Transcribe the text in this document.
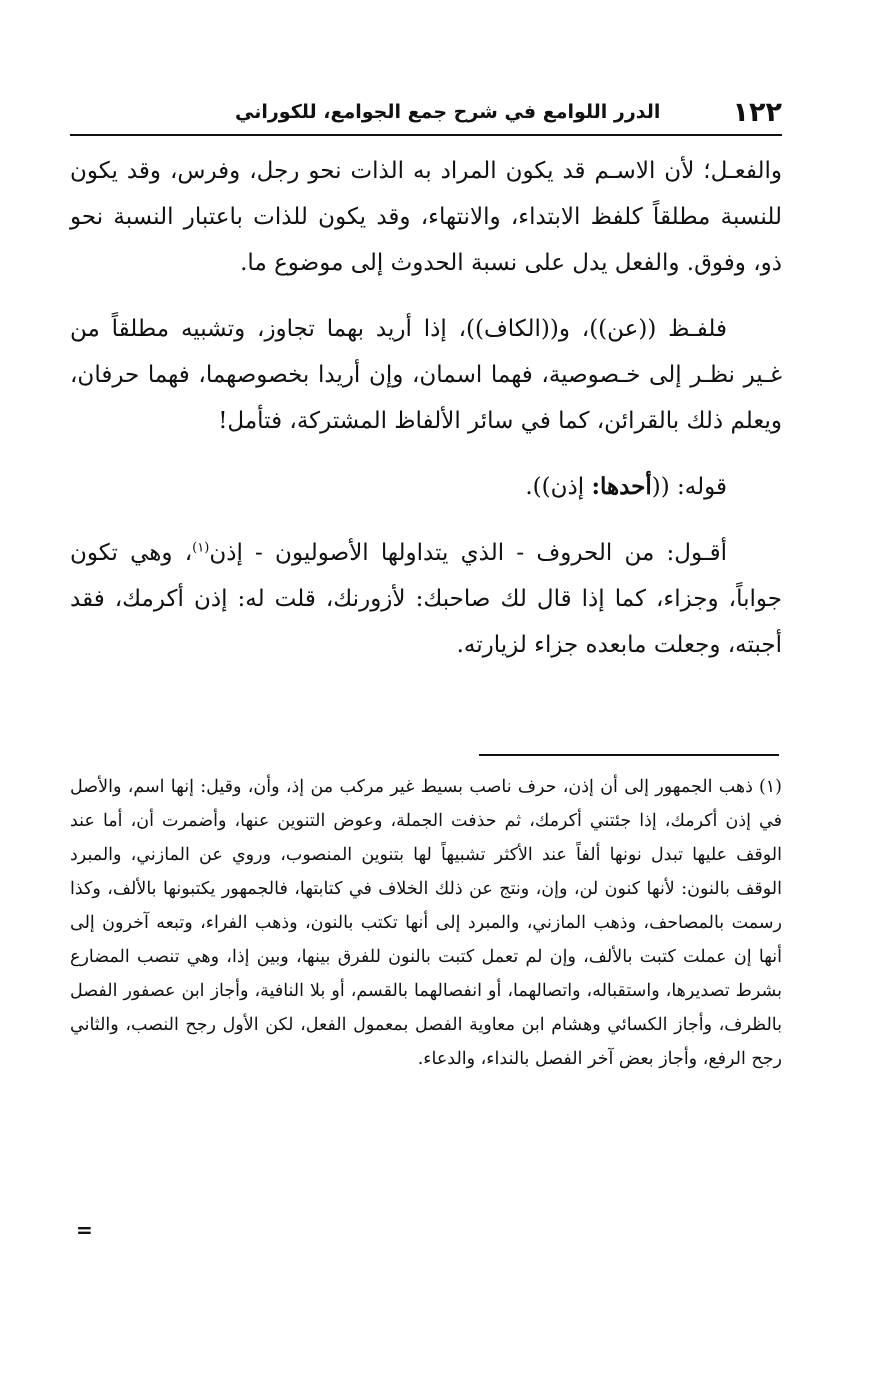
١٢٢
الدرر اللوامع في شرح جمع الجوامع، للكوراني

والفعـل؛ لأن الاسـم قد يكون المراد به الذات نحو رجل، وفرس، وقد يكون للنسبة مطلقاً كلفظ الابتداء، والانتهاء، وقد يكون للذات باعتبار النسبة نحو ذو، وفوق. والفعل يدل على نسبة الحدوث إلى موضوع ما.

فلفـظ ((عن))، و((الكاف))، إذا أريد بهما تجاوز، وتشبيه مطلقاً من غـير نظـر إلى خـصوصية، فهما اسمان، وإن أريدا بخصوصهما، فهما حرفان، ويعلم ذلك بالقرائن، كما في سائر الألفاظ المشتركة، فتأمل!

قوله: ((أحدها: إذن)).

أقـول: من الحروف - الذي يتداولها الأصوليون - إذن$^{(١)}$، وهي تكون جواباً، وجزاء، كما إذا قال لك صاحبك: لأزورنك، قلت له: إذن أكرمك، فقد أجبته، وجعلت مابعده جزاء لزيارته.

(١)ذهب الجمهور إلى أن إذن، حرف ناصب بسيط غير مركب من إذ، وأن، وقيل: إنها اسم، والأصل في إذن أكرمك، إذا جئتني أكرمك، ثم حذفت الجملة، وعوض التنوين عنها، وأضمرت أن، أما عند الوقف عليها تبدل نونها ألفاً عند الأكثر تشبيهاً لها بتنوين المنصوب، وروي عن المازني، والمبرد الوقف بالنون: لأنها كنون لن، وإن، ونتج عن ذلك الخلاف في كتابتها، فالجمهور يكتبونها بالألف، وكذا رسمت بالمصاحف، وذهب المازني، والمبرد إلى أنها تكتب بالنون، وذهب الفراء، وتبعه آخرون إلى أنها إن عملت كتبت بالألف، وإن لم تعمل كتبت بالنون للفرق بينها، وبين إذا، وهي تنصب المضارع بشرط تصديرها، واستقباله، واتصالهما، أو انفصالهما بالقسم، أو بلا النافية، وأجاز ابن عصفور الفصل بالظرف، وأجاز الكسائي وهشام ابن معاوية الفصل بمعمول الفعل، لكن الأول رجح النصب، والثاني رجح الرفع، وأجاز بعض آخر الفصل بالنداء، والدعاء.

=
